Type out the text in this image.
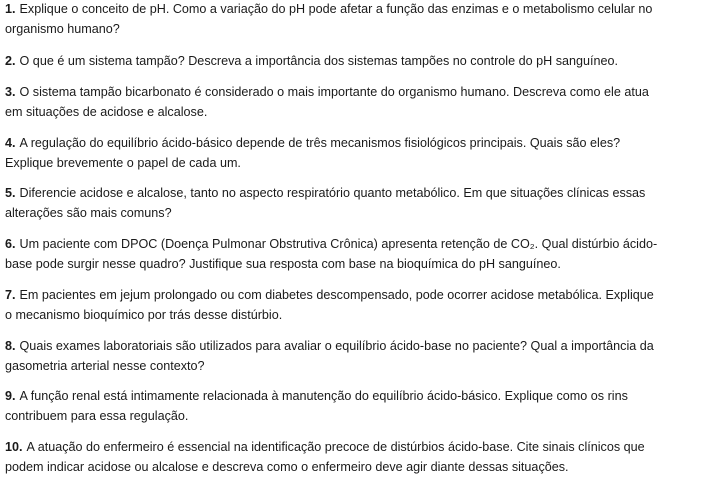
1. Explique o conceito de pH. Como a variação do pH pode afetar a função das enzimas e o metabolismo celular no
organismo humano?
2. O que é um sistema tampão? Descreva a importância dos sistemas tampões no controle do pH sanguíneo.
3. O sistema tampão bicarbonato é considerado o mais importante do organismo humano. Descreva como ele atua
em situações de acidose e alcalose.
4. A regulação do equilíbrio ácido-básico depende de três mecanismos fisiológicos principais. Quais são eles?
Explique brevemente o papel de cada um.
5. Diferencie acidose e alcalose, tanto no aspecto respiratório quanto metabólico. Em que situações clínicas essas
alterações são mais comuns?
6. Um paciente com DPOC (Doença Pulmonar Obstrutiva Crônica) apresenta retenção de CO₂. Qual distúrbio ácido-
base pode surgir nesse quadro? Justifique sua resposta com base na bioquímica do pH sanguíneo.
7. Em pacientes em jejum prolongado ou com diabetes descompensado, pode ocorrer acidose metabólica. Explique
o mecanismo bioquímico por trás desse distúrbio.
8. Quais exames laboratoriais são utilizados para avaliar o equilíbrio ácido-base no paciente? Qual a importância da
gasometria arterial nesse contexto?
9. A função renal está intimamente relacionada à manutenção do equilíbrio ácido-básico. Explique como os rins
contribuem para essa regulação.
10. A atuação do enfermeiro é essencial na identificação precoce de distúrbios ácido-base. Cite sinais clínicos que
podem indicar acidose ou alcalose e descreva como o enfermeiro deve agir diante dessas situações.
